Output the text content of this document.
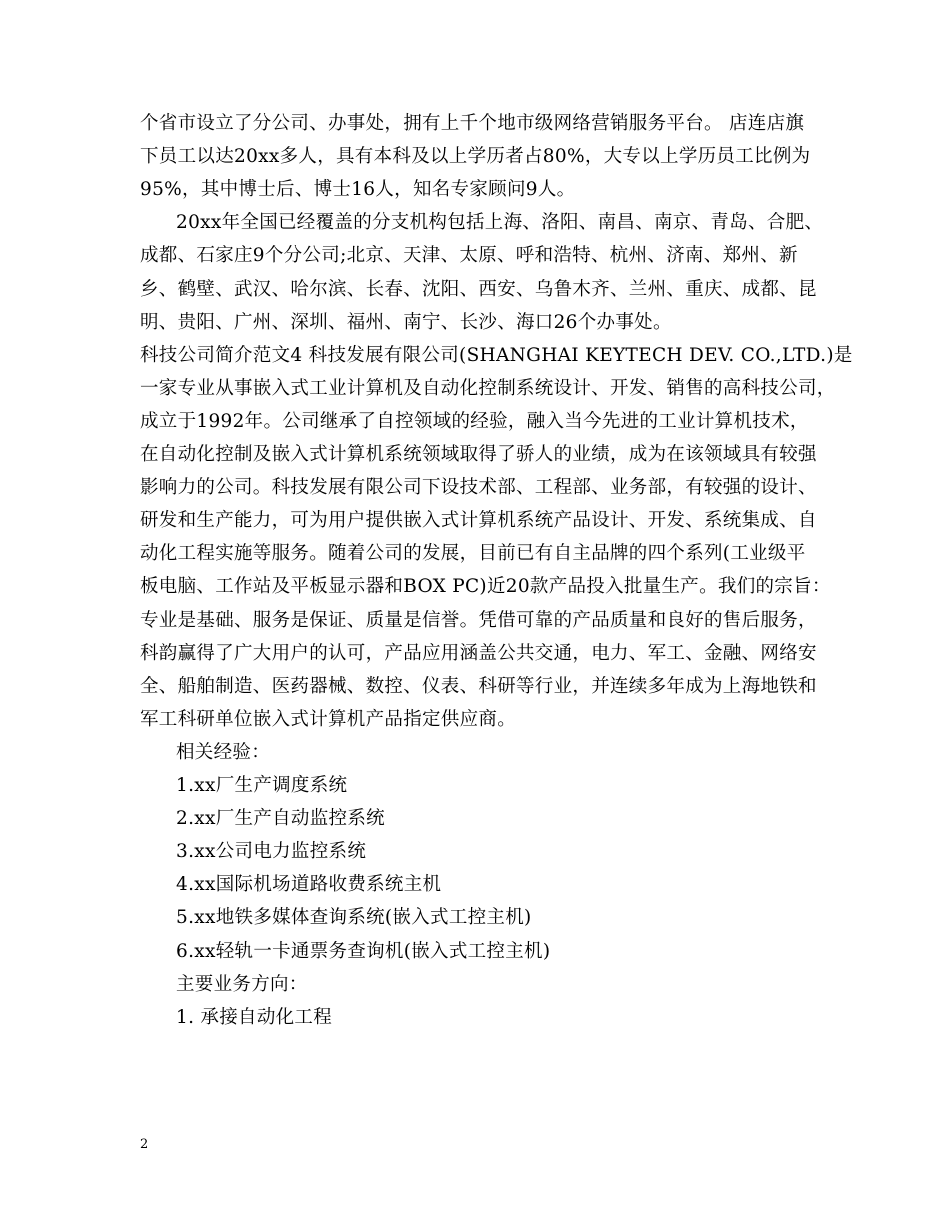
个省市设立了分公司、办事处，拥有上千个地市级网络营销服务平台。 店连店旗
下员工以达20xx多人，具有本科及以上学历者占80%，大专以上学历员工比例为
95%，其中博士后、博士16人，知名专家顾问9人。
20xx年全国已经覆盖的分支机构包括上海、洛阳、南昌、南京、青岛、合肥、
成都、石家庄9个分公司;北京、天津、太原、呼和浩特、杭州、济南、郑州、新
乡、鹤壁、武汉、哈尔滨、长春、沈阳、西安、乌鲁木齐、兰州、重庆、成都、昆
明、贵阳、广州、深圳、福州、南宁、长沙、海口26个办事处。
科技公司简介范文4 科技发展有限公司(SHANGHAI KEYTECH DEV. CO.,LTD.)是
一家专业从事嵌入式工业计算机及自动化控制系统设计、开发、销售的高科技公司，
成立于1992年。公司继承了自控领域的经验，融入当今先进的工业计算机技术，
在自动化控制及嵌入式计算机系统领域取得了骄人的业绩，成为在该领域具有较强
影响力的公司。科技发展有限公司下设技术部、工程部、业务部，有较强的设计、
研发和生产能力，可为用户提供嵌入式计算机系统产品设计、开发、系统集成、自
动化工程实施等服务。随着公司的发展，目前已有自主品牌的四个系列(工业级平
板电脑、工作站及平板显示器和BOX PC)近20款产品投入批量生产。我们的宗旨：
专业是基础、服务是保证、质量是信誉。凭借可靠的产品质量和良好的售后服务，
科韵赢得了广大用户的认可，产品应用涵盖公共交通，电力、军工、金融、网络安
全、船舶制造、医药器械、数控、仪表、科研等行业，并连续多年成为上海地铁和
军工科研单位嵌入式计算机产品指定供应商。
相关经验：
1.xx厂生产调度系统
2.xx厂生产自动监控系统
3.xx公司电力监控系统
4.xx国际机场道路收费系统主机
5.xx地铁多媒体查询系统(嵌入式工控主机)
6.xx轻轨一卡通票务查询机(嵌入式工控主机)
主要业务方向：
1. 承接自动化工程
2
